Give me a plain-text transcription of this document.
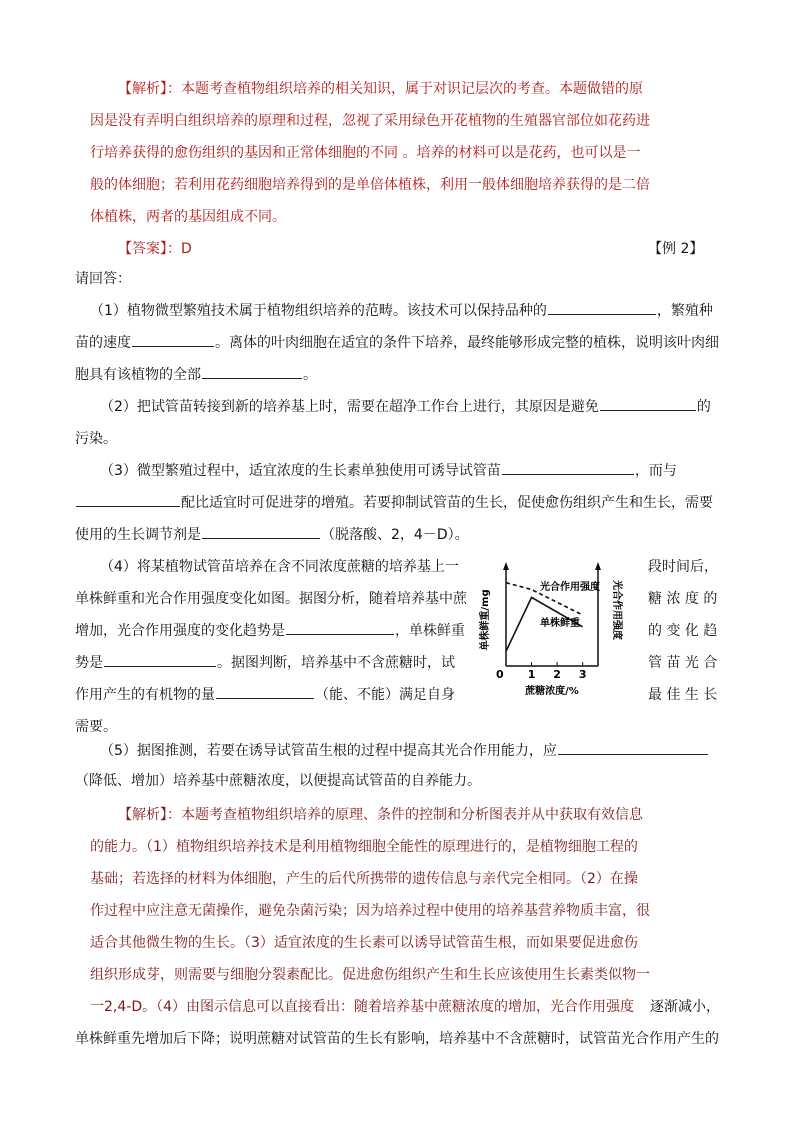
【解析】：本题考查植物组织培养的相关知识，属于对识记层次的考查。本题做错的原
因是没有弄明白组织培养的原理和过程，忽视了采用绿色开花植物的生殖器官部位如花药进
行培养获得的愈伤组织的基因和正常体细胞的不同 。培养的材料可以是花药，也可以是一
般的体细胞；若利用花药细胞培养得到的是单倍体植株，利用一般体细胞培养获得的是二倍
体植株，两者的基因组成不同。
【答案】：D	【例 2】
请回答：
（1）植物微型繁殖技术属于植物组织培养的范畴。该技术可以保持品种的	，繁殖种
苗的速度	。离体的叶肉细胞在适宜的条件下培养，最终能够形成完整的植株，说明该叶肉细
胞具有该植物的全部	。
（2）把试管苗转接到新的培养基上时，需要在超净工作台上进行，其原因是避免	的
污染。
（3）微型繁殖过程中，适宜浓度的生长素单独使用可诱导试管苗	，而与
配比适宜时可促进芽的增殖。若要抑制试管苗的生长，促使愈伤组织产生和生长，需要
使用的生长调节剂是	（脱落酸、2，4－D）。
（4）将某植物试管苗培养在含不同浓度蔗糖的培养基上一	段时间后，
单株鲜重和光合作用强度变化如图。据图分析，随着培养基中蔗	糖 浓 度 的
增加，光合作用强度的变化趋势是	，单株鲜重	的 变 化 趋
势是	。据图判断，培养基中不含蔗糖时，试	管 苗 光 合
作用产生的有机物的量	（能、不能）满足自身	最 佳 生 长
需要。
单株鲜重/mg	光合作用强度
0 1 2 3
光合作用强度
单株鲜重
蔗糖浓度/%
（5）据图推测，若要在诱导试管苗生根的过程中提高其光合作用能力，应
（降低、增加）培养基中蔗糖浓度，以便提高试管苗的自养能力。
【解析】：本题考查植物组织培养的原理、条件的控制和分析图表并从中获取有效信息
的能力。（1）植物组织培养技术是利用植物细胞全能性的原理进行的，是植物细胞工程的
基础；若选择的材料为体细胞，产生的后代所携带的遗传信息与亲代完全相同。（2）在操
作过程中应注意无菌操作，避免杂菌污染；因为培养过程中使用的培养基营养物质丰富，很
适合其他微生物的生长。（3）适宜浓度的生长素可以诱导试管苗生根，而如果要促进愈伤
组织形成芽，则需要与细胞分裂素配比。促进愈伤组织产生和生长应该使用生长素类似物一
一2,4-D。（4）由图示信息可以直接看出：随着培养基中蔗糖浓度的增加，光合作用强度 逐渐减小，
单株鲜重先增加后下降；说明蔗糖对试管苗的生长有影响，培养基中不含蔗糖时，试管苗光合作用产生的
